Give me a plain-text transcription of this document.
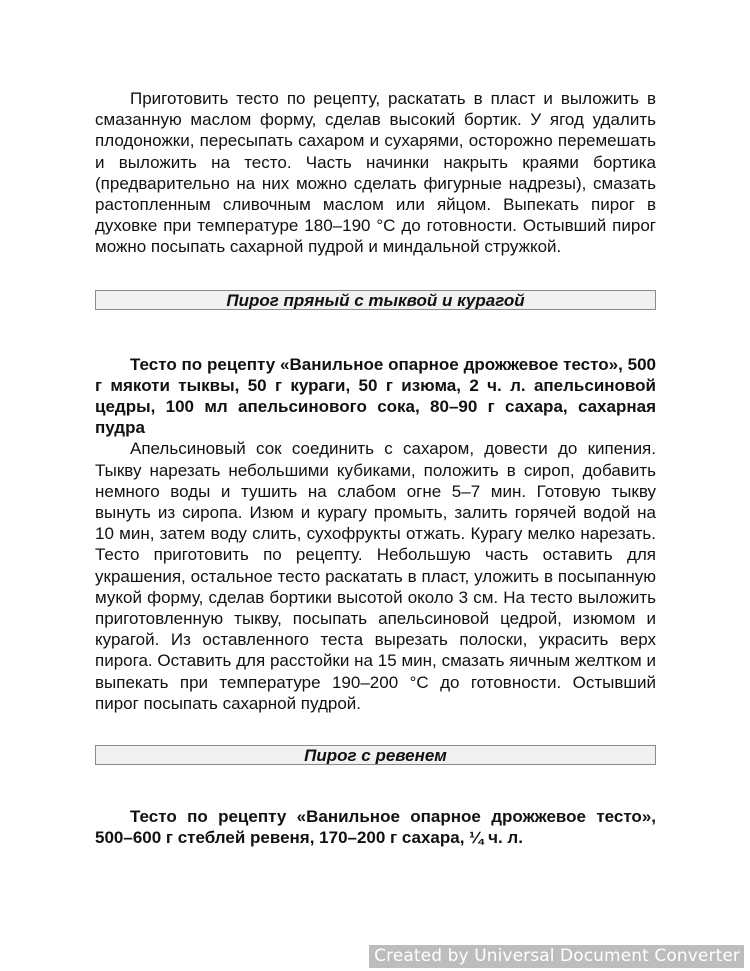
Приготовить тесто по рецепту, раскатать в пласт и выложить в смазанную маслом форму, сделав высокий бортик. У ягод удалить плодоножки, пересыпать сахаром и сухарями, осторожно перемешать и выложить на тесто. Часть начинки накрыть краями бортика (предварительно на них можно сделать фигурные надрезы), смазать растопленным сливочным маслом или яйцом. Выпекать пирог в духовке при температуре 180–190 °С до готовности. Остывший пирог можно посыпать сахарной пудрой и миндальной стружкой.

Пирог пряный с тыквой и курагой

Тесто по рецепту «Ванильное опарное дрожжевое тесто», 500 г мякоти тыквы, 50 г кураги, 50 г изюма, 2 ч. л. апельсиновой цедры, 100 мл апельсинового сока, 80–90 г сахара, сахарная пудра

Апельсиновый сок соединить с сахаром, довести до кипения. Тыкву нарезать небольшими кубиками, положить в сироп, добавить немного воды и тушить на слабом огне 5–7 мин. Готовую тыкву вынуть из сиропа. Изюм и курагу промыть, залить горячей водой на 10 мин, затем воду слить, сухофрукты отжать. Курагу мелко нарезать. Тесто приготовить по рецепту. Небольшую часть оставить для украшения, остальное тесто раскатать в пласт, уложить в посыпанную мукой форму, сделав бортики высотой около 3 см. На тесто выложить приготовленную тыкву, посыпать апельсиновой цедрой, изюмом и курагой. Из оставленного теста вырезать полоски, украсить верх пирога. Оставить для расстойки на 15 мин, смазать яичным желтком и выпекать при температуре 190–200 °С до готовности. Остывший пирог посыпать сахарной пудрой.

Пирог с ревенем

Тесто по рецепту «Ванильное опарное дрожжевое тесто», 500–600 г стеблей ревеня, 170–200 г сахара, ¼ ч. л.

Created by Universal Document Converter
